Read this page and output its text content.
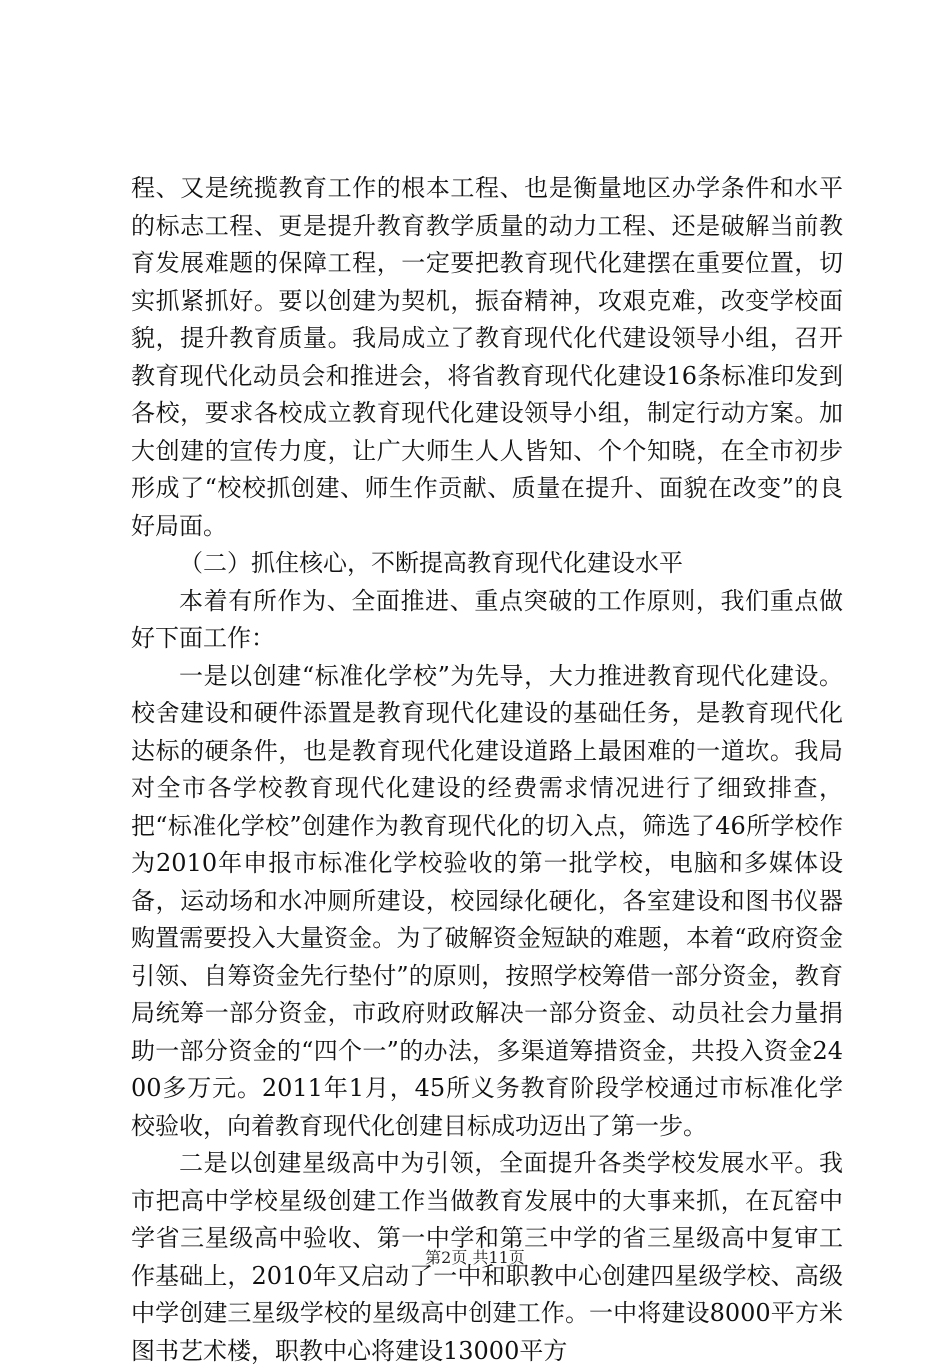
程、又是统揽教育工作的根本工程、也是衡量地区办学条件和水平的标志工程、更是提升教育教学质量的动力工程、还是破解当前教育发展难题的保障工程，一定要把教育现代化建摆在重要位置，切实抓紧抓好。要以创建为契机，振奋精神，攻艰克难，改变学校面貌，提升教育质量。我局成立了教育现代化代建设领导小组，召开教育现代化动员会和推进会，将省教育现代化建设16条标准印发到各校，要求各校成立教育现代化建设领导小组，制定行动方案。加大创建的宣传力度，让广大师生人人皆知、个个知晓，在全市初步形成了“校校抓创建、师生作贡献、质量在提升、面貌在改变”的良好局面。

（二）抓住核心，不断提高教育现代化建设水平

本着有所作为、全面推进、重点突破的工作原则，我们重点做好下面工作：

一是以创建“标准化学校”为先导，大力推进教育现代化建设。校舍建设和硬件添置是教育现代化建设的基础任务，是教育现代化达标的硬条件，也是教育现代化建设道路上最困难的一道坎。我局对全市各学校教育现代化建设的经费需求情况进行了细致排查，把“标准化学校”创建作为教育现代化的切入点，筛选了46所学校作为2010年申报市标准化学校验收的第一批学校，电脑和多媒体设备，运动场和水冲厕所建设，校园绿化硬化，各室建设和图书仪器购置需要投入大量资金。为了破解资金短缺的难题，本着“政府资金引领、自筹资金先行垫付”的原则，按照学校筹借一部分资金，教育局统筹一部分资金，市政府财政解决一部分资金、动员社会力量捐助一部分资金的“四个一”的办法，多渠道筹措资金，共投入资金2400多万元。2011年1月，45所义务教育阶段学校通过市标准化学校验收，向着教育现代化创建目标成功迈出了第一步。

二是以创建星级高中为引领，全面提升各类学校发展水平。我市把高中学校星级创建工作当做教育发展中的大事来抓，在瓦窑中学省三星级高中验收、第一中学和第三中学的省三星级高中复审工作基础上，2010年又启动了一中和职教中心创建四星级学校、高级中学创建三星级学校的星级高中创建工作。一中将建设8000平方米图书艺术楼，职教中心将建设13000平方

第2页 共11页
